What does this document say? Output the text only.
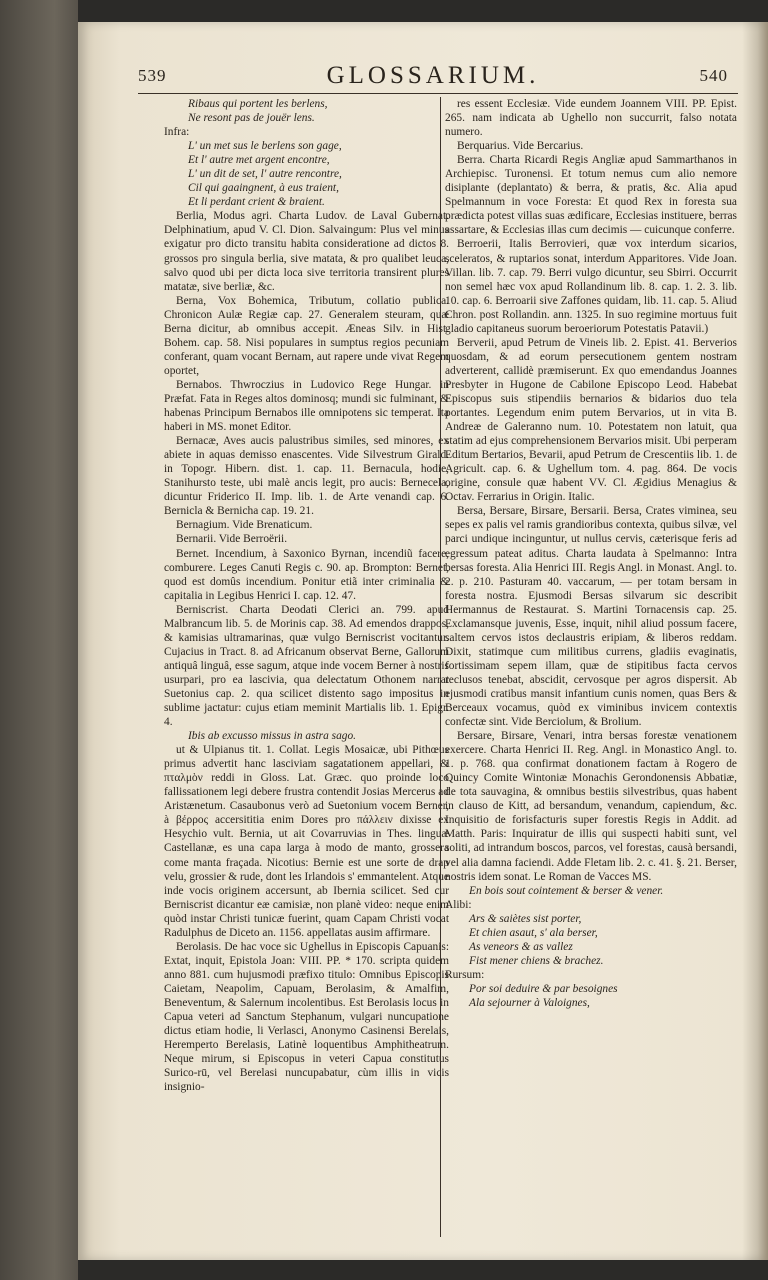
539	GLOSSARIUM.	540

Ribaus qui portent les berlens,

Ne resont pas de jouër lens.

Infra:

L' un met sus le berlens son gage,

Et l' autre met argent encontre,

L' un dit de set, l' autre rencontre,

Cil qui gaaingnent, à eus traient,

Et li perdant crient & braient.

Berlia, Modus agri. Charta Ludov. de Laval Gubernat. Delphinatium, apud V. Cl. Dion. Salvaingum: Plus vel minus exigatur pro dicto transitu habita consideratione ad dictos 8. grossos pro singula berlia, sive matata, & pro qualibet leuca, salvo quod ubi per dicta loca sive territoria transirent plures matatæ, sive berliæ, &c.

Berna, Vox Bohemica, Tributum, collatio publica. Chronicon Aulæ Regiæ cap. 27. Generalem steuram, quæ Berna dicitur, ab omnibus accepit. Æneas Silv. in Hist. Bohem. cap. 58. Nisi populares in sumptus regios pecuniam conferant, quam vocant Bernam, aut rapere unde vivat Regem oportet,

Bernabos. Thwroczius in Ludovico Rege Hungar. in Præfat. Fata in Reges altos dominosq; mundi sic fulminant, & habenas Principum Bernabos ille omnipotens sic temperat. Ita haberi in MS. monet Editor.

Bernacæ, Aves aucis palustribus similes, sed minores, ex abiete in aquas demisso enascentes. Vide Silvestrum Girald. in Topogr. Hibern. dist. 1. cap. 11. Bernacula, hodie, Stanihursto teste, ubi malè ancis legit, pro aucis: Bernecela, dicuntur Friderico II. Imp. lib. 1. de Arte venandi cap. 6. Bernicla & Bernicha cap. 19. 21.

Bernagium. Vide Brenaticum.

Bernarii. Vide Berroërii.

Bernet. Incendium, à Saxonico Byrnan, incendiũ facere, comburere. Leges Canuti Regis c. 90. ap. Brompton: Bernet, quod est domûs incendium. Ponitur etiã inter criminalia & capitalia in Legibus Henrici I. cap. 12. 47.

Berniscrist. Charta Deodati Clerici an. 799. apud Malbrancum lib. 5. de Morinis cap. 38. Ad emendos drappos, & kamisias ultramarinas, quæ vulgo Berniscrist vocitantur. Cujacius in Tract. 8. ad Africanum observat Berne, Gallorum antiquâ linguâ, esse sagum, atque inde vocem Berner à nostris usurpari, pro ea lascivia, qua delectatum Othonem narrat Suetonius cap. 2. qua scilicet distento sago impositus in sublime jactatur: cujus etiam meminit Martialis lib. 1. Epigr. 4.

Ibis ab excusso missus in astra sago.

ut & Ulpianus tit. 1. Collat. Legis Mosaicæ, ubi Pithœus primus advertit hanc lasciviam sagatationem appellari, & πταλμὸν reddi in Gloss. Lat. Græc. quo proinde loco fallissationem legi debere frustra contendit Josias Mercerus ad Aristænetum. Casaubonus verò ad Suetonium vocem Berner, à βέρρος accersititia enim Dores pro πάλλειν dixisse ex Hesychio vult. Bernia, ut ait Covarruvias in Thes. linguæ Castellanæ, es una capa larga à modo de manto, grossera come manta fraçada. Nicotius: Bernie est une sorte de drap velu, grossier & rude, dont les Irlandois s' emmantelent. Atque inde vocis originem accersunt, ab Ibernia scilicet. Sed cur Berniscrist dicantur eæ camisiæ, non planè video: neque enim quòd instar Christi tunicæ fuerint, quam Capam Christi vocat Radulphus de Diceto an. 1156. appellatas ausim affirmare.

Berolasis. De hac voce sic Ughellus in Episcopis Capuanis: Extat, inquit, Epistola Joan: VIII. PP. * 170. scripta quidem anno 881. cum hujusmodi præfixo titulo: Omnibus Episcopis Caietam, Neapolim, Capuam, Berolasim, & Amalfim, Beneventum, & Salernum incolentibus. Est Berolasis locus in Capua veteri ad Sanctum Stephanum, vulgari nuncupatione dictus etiam hodie, li Verlasci, Anonymo Casinensi Berelais, Heremperto Berelasis, Latinè loquentibus Amphitheatrum. Neque mirum, si Episcopus in veteri Capua constitutus Surico-rū, vel Berelasi nuncupabatur, cùm illis in vicis insignio-

res essent Ecclesiæ. Vide eundem Joannem VIII. PP. Epist. 265. nam indicata ab Ughello non succurrit, falso notata numero.

Berquarius. Vide Bercarius.

Berra. Charta Ricardi Regis Angliæ apud Sammarthanos in Archiepisc. Turonensi. Et totum nemus cum alio nemore disiplante (deplantato) & berra, & pratis, &c. Alia apud Spelmannum in voce Foresta: Et quod Rex in foresta sua prædicta potest villas suas ædificare, Ecclesias instituere, berras assartare, & Ecclesias illas cum decimis — cuicunque conferre.

Berroerii, Italis Berrovieri, quæ vox interdum sicarios, sceleratos, & ruptarios sonat, interdum Apparitores. Vide Joan. Villan. lib. 7. cap. 79. Berri vulgo dicuntur, seu Sbirri. Occurrit non semel hæc vox apud Rollandinum lib. 8. cap. 1. 2. 3. lib. 10. cap. 6. Berroarii sive Zaffones quidam, lib. 11. cap. 5. Aliud Chron. post Rollandin. ann. 1325. In suo regimine mortuus fuit gladio capitaneus suorum beroeriorum Potestatis Patavii.)

Berverii, apud Petrum de Vineis lib. 2. Epist. 41. Berverios quosdam, & ad eorum persecutionem gentem nostram adverterent, callidè præmiserunt. Ex quo emendandus Joannes Presbyter in Hugone de Cabilone Episcopo Leod. Habebat Episcopus suis stipendiis bernarios & bidarios duo tela portantes. Legendum enim putem Bervarios, ut in vita B. Andreæ de Galeranno num. 10. Potestatem non latuit, qua statim ad ejus comprehensionem Bervarios misit. Ubi perperam Editum Bertarios, Bevarii, apud Petrum de Crescentiis lib. 1. de Agricult. cap. 6. & Ughellum tom. 4. pag. 864. De vocis origine, consule quæ habent VV. Cl. Ægidius Menagius & Octav. Ferrarius in Origin. Italic.

Bersa, Bersare, Birsare, Bersarii. Bersa, Crates viminea, seu sepes ex palis vel ramis grandioribus contexta, quibus silvæ, vel parci undique incinguntur, ut nullus cervis, cæterisque feris ad egressum pateat aditus. Charta laudata à Spelmanno: Intra bersas foresta. Alia Henrici III. Regis Angl. in Monast. Angl. to. 2. p. 210. Pasturam 40. vaccarum, — per totam bersam in foresta nostra. Ejusmodi Bersas silvarum sic describit Hermannus de Restaurat. S. Martini Tornacensis cap. 25. Exclamansque juvenis, Esse, inquit, nihil aliud possum facere, saltem cervos istos declaustris eripiam, & liberos reddam. Dixit, statimque cum militibus currens, gladiis evaginatis, fortissimam sepem illam, quæ de stipitibus facta cervos reclusos tenebat, abscidit, cervosque per agros dispersit. Ab ejusmodi cratibus mansit infantium cunis nomen, quas Bers & Berceaux vocamus, quòd ex viminibus invicem contextis confectæ sint. Vide Berciolum, & Brolium.

Bersare, Birsare, Venari, intra bersas forestæ venationem exercere. Charta Henrici II. Reg. Angl. in Monastico Angl. to. 1. p. 768. qua confirmat donationem factam à Rogero de Quincy Comite Wintoniæ Monachis Gerondonensis Abbatiæ, de tota sauvagina, & omnibus bestiis silvestribus, quas habent in clauso de Kitt, ad bersandum, venandum, capiendum, &c. Inquisitio de forisfacturis super forestis Regis in Addit. ad Matth. Paris: Inquiratur de illis qui suspecti habiti sunt, vel soliti, ad intrandum boscos, parcos, vel forestas, causà bersandi, vel alia damna faciendi. Adde Fletam lib. 2. c. 41. §. 21. Berser, nostris idem sonat. Le Roman de Vacces MS.

En bois sout cointement & berser & vener.

Alibi:

Ars & saiètes sist porter,

Et chien asaut, s' ala berser,

As veneors & as vallez

Fist mener chiens & brachez.

Rursum:

Por soi deduire & par besoignes

Ala sejourner à Valoignes,
